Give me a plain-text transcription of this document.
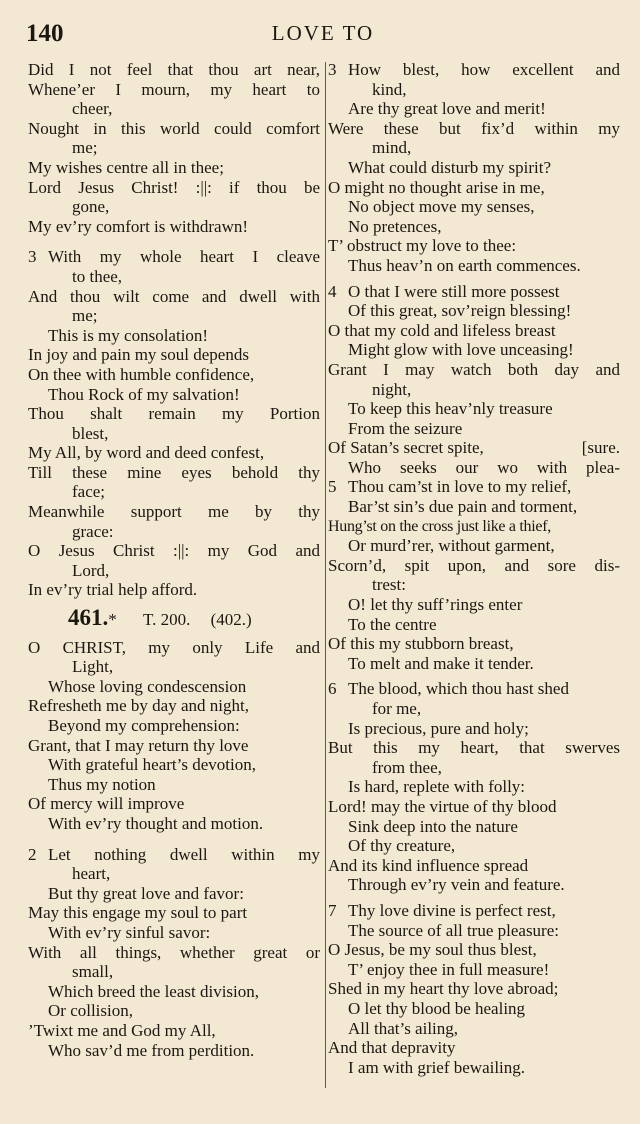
140	LOVE TO
Did I not feel that thou art near,
Whene’er I mourn, my heart to
cheer,
Nought in this world could comfort
me;
My wishes centre all in thee;
Lord Jesus Christ! :||: if thou be
gone,
My ev’ry comfort is withdrawn!
3 With my whole heart I cleave
to thee,
And thou wilt come and dwell with
me;
This is my consolation!
In joy and pain my soul depends
On thee with humble confidence,
Thou Rock of my salvation!
Thou shalt remain my Portion
blest,
My All, by word and deed confest,
Till these mine eyes behold thy
face;
Meanwhile support me by thy
grace:
O Jesus Christ :||: my God and
Lord,
In ev’ry trial help afford.
461.* T. 200. (402.)
O CHRIST, my only Life and
Light,
Whose loving condescension
Refresheth me by day and night,
Beyond my comprehension:
Grant, that I may return thy love
With grateful heart’s devotion,
Thus my notion
Of mercy will improve
With ev’ry thought and motion.
2 Let nothing dwell within my
heart,
But thy great love and favor:
May this engage my soul to part
With ev’ry sinful savor:
With all things, whether great or
small,
Which breed the least division,
Or collision,
’Twixt me and God my All,
Who sav’d me from perdition.
3 How blest, how excellent and
kind,
Are thy great love and merit!
Were these but fix’d within my
mind,
What could disturb my spirit?
O might no thought arise in me,
No object move my senses,
No pretences,
T’ obstruct my love to thee:
Thus heav’n on earth commences.
4 O that I were still more possest
Of this great, sov’reign blessing!
O that my cold and lifeless breast
Might glow with love unceasing!
Grant I may watch both day and
night,
To keep this heav’nly treasure
From the seizure
Of Satan’s secret spite,	[sure.
Who seeks our wo with plea-
5 Thou cam’st in love to my relief,
Bar’st sin’s due pain and torment,
Hung’st on the cross just like a thief,
Or murd’rer, without garment,
Scorn’d, spit upon, and sore dis-
trest:
O! let thy suff’rings enter
To the centre
Of this my stubborn breast,
To melt and make it tender.
6 The blood, which thou hast shed
for me,
Is precious, pure and holy;
But this my heart, that swerves
from thee,
Is hard, replete with folly:
Lord! may the virtue of thy blood
Sink deep into the nature
Of thy creature,
And its kind influence spread
Through ev’ry vein and feature.
7 Thy love divine is perfect rest,
The source of all true pleasure:
O Jesus, be my soul thus blest,
T’ enjoy thee in full measure!
Shed in my heart thy love abroad;
O let thy blood be healing
All that’s ailing,
And that depravity
I am with grief bewailing.
